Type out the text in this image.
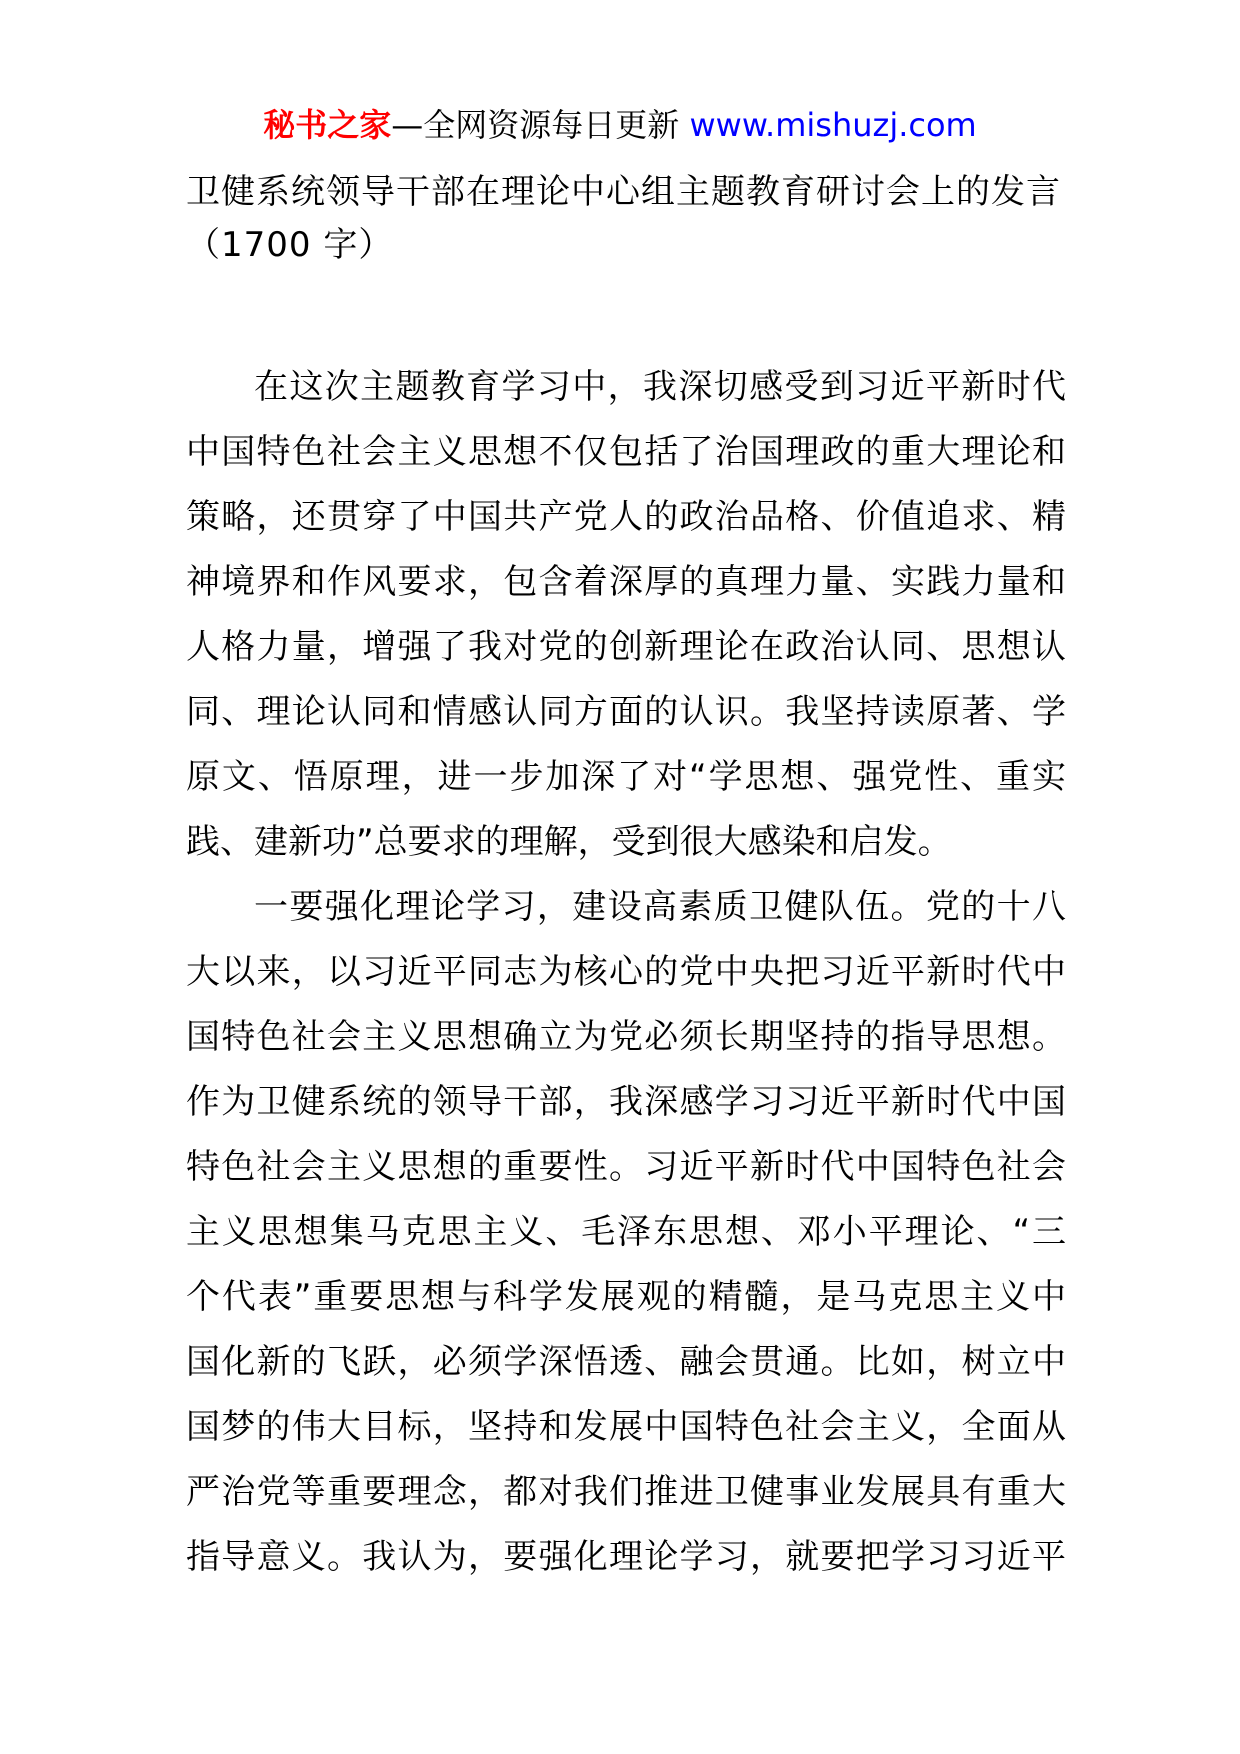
秘书之家—全网资源每日更新 www.mishuzj.com
卫健系统领导干部在理论中心组主题教育研讨会上的发言
（1700 字）
在这次主题教育学习中，我深切感受到习近平新时代
中国特色社会主义思想不仅包括了治国理政的重大理论和
策略，还贯穿了中国共产党人的政治品格、价值追求、精
神境界和作风要求，包含着深厚的真理力量、实践力量和
人格力量，增强了我对党的创新理论在政治认同、思想认
同、理论认同和情感认同方面的认识。我坚持读原著、学
原文、悟原理，进一步加深了对“学思想、强党性、重实
践、建新功”总要求的理解，受到很大感染和启发。
一要强化理论学习，建设高素质卫健队伍。党的十八
大以来，以习近平同志为核心的党中央把习近平新时代中
国特色社会主义思想确立为党必须长期坚持的指导思想。
作为卫健系统的领导干部，我深感学习习近平新时代中国
特色社会主义思想的重要性。习近平新时代中国特色社会
主义思想集马克思主义、毛泽东思想、邓小平理论、“三
个代表”重要思想与科学发展观的精髓，是马克思主义中
国化新的飞跃，必须学深悟透、融会贯通。比如，树立中
国梦的伟大目标，坚持和发展中国特色社会主义，全面从
严治党等重要理念，都对我们推进卫健事业发展具有重大
指导意义。我认为，要强化理论学习，就要把学习习近平
